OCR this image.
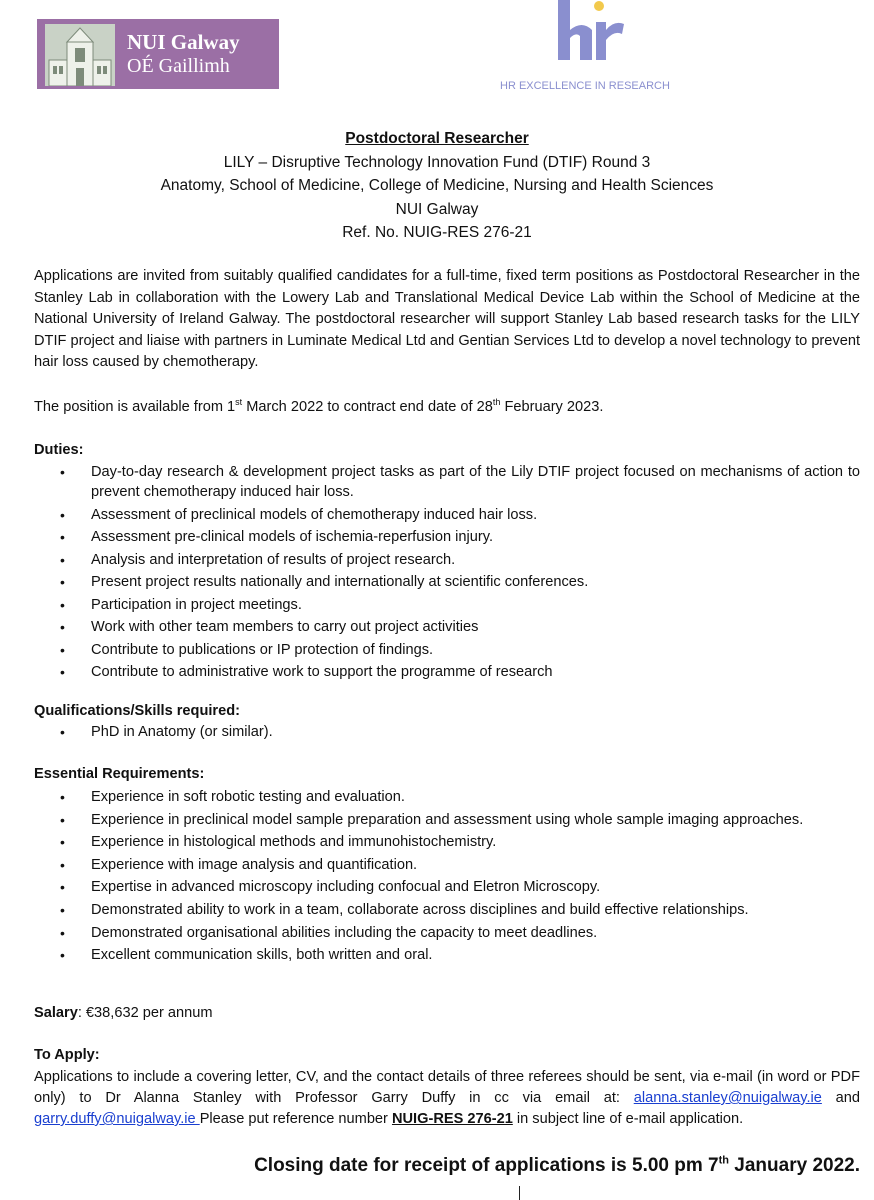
NUI Galway
OÉ Gaillimh
HR EXCELLENCE IN RESEARCH
Postdoctoral Researcher
LILY – Disruptive Technology Innovation Fund (DTIF) Round 3
Anatomy, School of Medicine, College of Medicine, Nursing and Health Sciences
NUI Galway
Ref. No. NUIG-RES 276-21
Applications are invited from suitably qualified candidates for a full-time, fixed term positions as Postdoctoral Researcher in the Stanley Lab in collaboration with the Lowery Lab and Translational Medical Device Lab within the School of Medicine at the National University of Ireland Galway. The postdoctoral researcher will support Stanley Lab based research tasks for the LILY DTIF project and liaise with partners in Luminate Medical Ltd and Gentian Services Ltd to develop a novel technology to prevent hair loss caused by chemotherapy.
The position is available from 1st March 2022 to contract end date of 28th February 2023.
Duties:
• Day-to-day research & development project tasks as part of the Lily DTIF project focused on mechanisms of action to prevent chemotherapy induced hair loss.
• Assessment of preclinical models of chemotherapy induced hair loss.
• Assessment pre-clinical models of ischemia-reperfusion injury.
• Analysis and interpretation of results of project research.
• Present project results nationally and internationally at scientific conferences.
• Participation in project meetings.
• Work with other team members to carry out project activities
• Contribute to publications or IP protection of findings.
• Contribute to administrative work to support the programme of research
Qualifications/Skills required:
• PhD in Anatomy (or similar).
Essential Requirements:
• Experience in soft robotic testing and evaluation.
• Experience in preclinical model sample preparation and assessment using whole sample imaging approaches.
• Experience in histological methods and immunohistochemistry.
• Experience with image analysis and quantification.
• Expertise in advanced microscopy including confocual and Eletron Microscopy.
• Demonstrated ability to work in a team, collaborate across disciplines and build effective relationships.
• Demonstrated organisational abilities including the capacity to meet deadlines.
• Excellent communication skills, both written and oral.
Salary: €38,632 per annum
To Apply:
Applications to include a covering letter, CV, and the contact details of three referees should be sent, via e-mail (in word or PDF only) to Dr Alanna Stanley with Professor Garry Duffy in cc via email at: alanna.stanley@nuigalway.ie and garry.duffy@nuigalway.ie Please put reference number NUIG-RES 276-21 in subject line of e-mail application.
Closing date for receipt of applications is 5.00 pm 7th January 2022.
